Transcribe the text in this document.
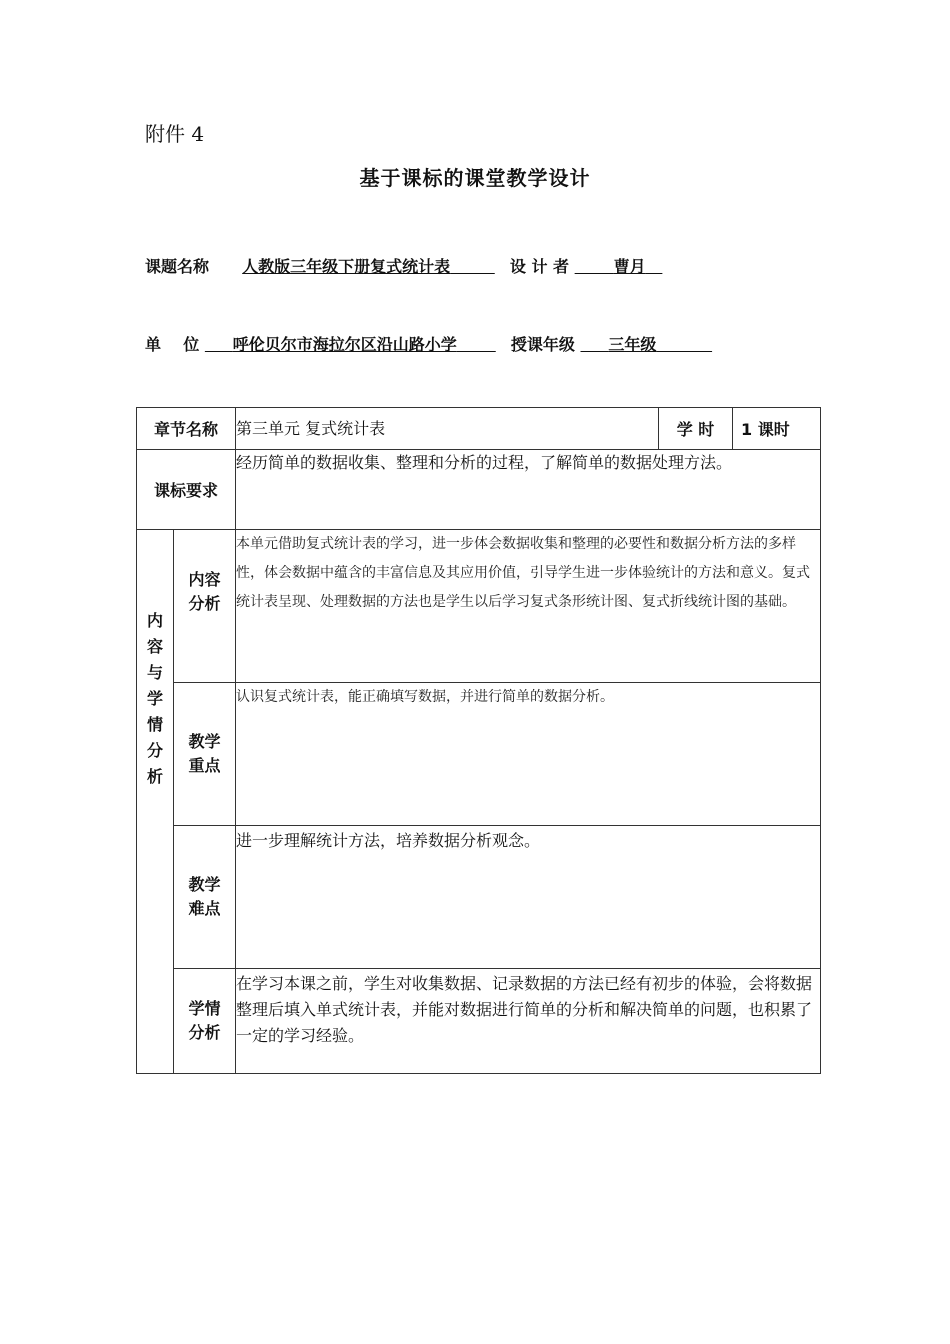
附件 4
基于课标的课堂教学设计
课题名称 人教版三年级下册复式统计表	设 计 者	曹月
单    位 呼伦贝尔市海拉尔区沿山路小学	授课年级 三年级
章节名称		第三单元 复式统计表	学 时	1 课时
课标要求		经历简单的数据收集、整理和分析的过程，了解简单的数据处理方法。		

内容与学情分析	内容分析	本单元借助复式统计表的学习，进一步体会数据收集和整理的必要性和数据分析方法的多样性，体会数据中蕴含的丰富信息及其应用价值，引导学生进一步体验统计的方法和意义。复式统计表呈现、处理数据的方法也是学生以后学习复式条形统计图、复式折线统计图的基础。		

	教学重点	认识复式统计表，能正确填写数据，并进行简单的数据分析。		

	教学难点	进一步理解统计方法，培养数据分析观念。		

	学情分析	在学习本课之前，学生对收集数据、记录数据的方法已经有初步的体验，会将数据整理后填入单式统计表，并能对数据进行简单的分析和解决简单的问题，也积累了一定的学习经验。		
